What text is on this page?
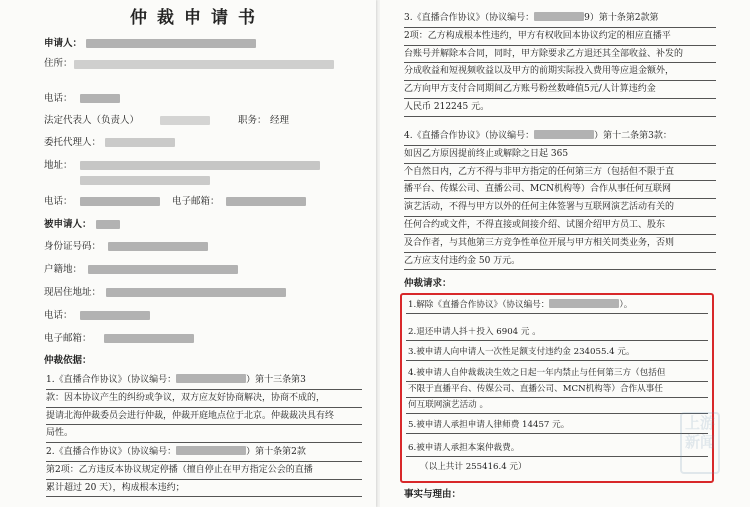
仲裁申请书
申请人：
住所：
电话：
法定代表人（负责人）	职务： 经理
委托代理人：
地址：
电话：	电子邮箱：
被申请人：
身份证号码：
户籍地：
现居住地址：
电话：
电子邮箱：
仲裁依据：
1.《直播合作协议》（协议编号：	）第十三条第3
款：因本协议产生的纠纷或争议，双方应友好协商解决，协商不成的，
提请北海仲裁委员会进行仲裁，仲裁开庭地点位于北京。仲裁裁决具有终
局性。
2.《直播合作协议》（协议编号：	）第十条第2款
第2项：乙方违反本协议规定停播（擅自停止在甲方指定公会的直播
累计超过 20 天），构成根本违约；
3.《直播合作协议》（协议编号：	9）第十条第2款第
2项：乙方构成根本性违约，甲方有权收回本协议约定的相应直播平
台账号并解除本合同，同时，甲方除要求乙方退还其全部收益、补发的
分成收益和短视频收益以及甲方的前期实际投入费用等应退金额外，
乙方向甲方支付合同期间乙方账号粉丝数峰值5元/人计算违约金
人民币 212245 元。
4.《直播合作协议》（协议编号：	）第十二条第3款：
如因乙方原因提前终止或解除之日起 365
个自然日内，乙方不得与非甲方指定的任何第三方（包括但不限于直
播平台、传媒公司、直播公司、MCN机构等）合作从事任何互联网
演艺活动，不得与甲方以外的任何主体签署与互联网演艺活动有关的
任何合约或文件，不得直接或间接介绍、试图介绍甲方员工、股东
及合作者，与其他第三方竞争性单位开展与甲方相关同类业务，否则
乙方应支付违约金 50 万元。
仲裁请求：
1.解除《直播合作协议》（协议编号：	）。
2.退还申请人抖＋投入 6904 元 。
3.被申请人向申请人一次性足额支付违约金 234055.4 元。
4.被申请人自仲裁裁决生效之日起一年内禁止与任何第三方（包括但
不限于直播平台、传媒公司、直播公司、MCN机构等）合作从事任
何互联网演艺活动 。
5.被申请人承担申请人律师费 14457 元。
6.被申请人承担本案仲裁费。
（以上共计 255416.4 元）
事实与理由：
上游
新闻
